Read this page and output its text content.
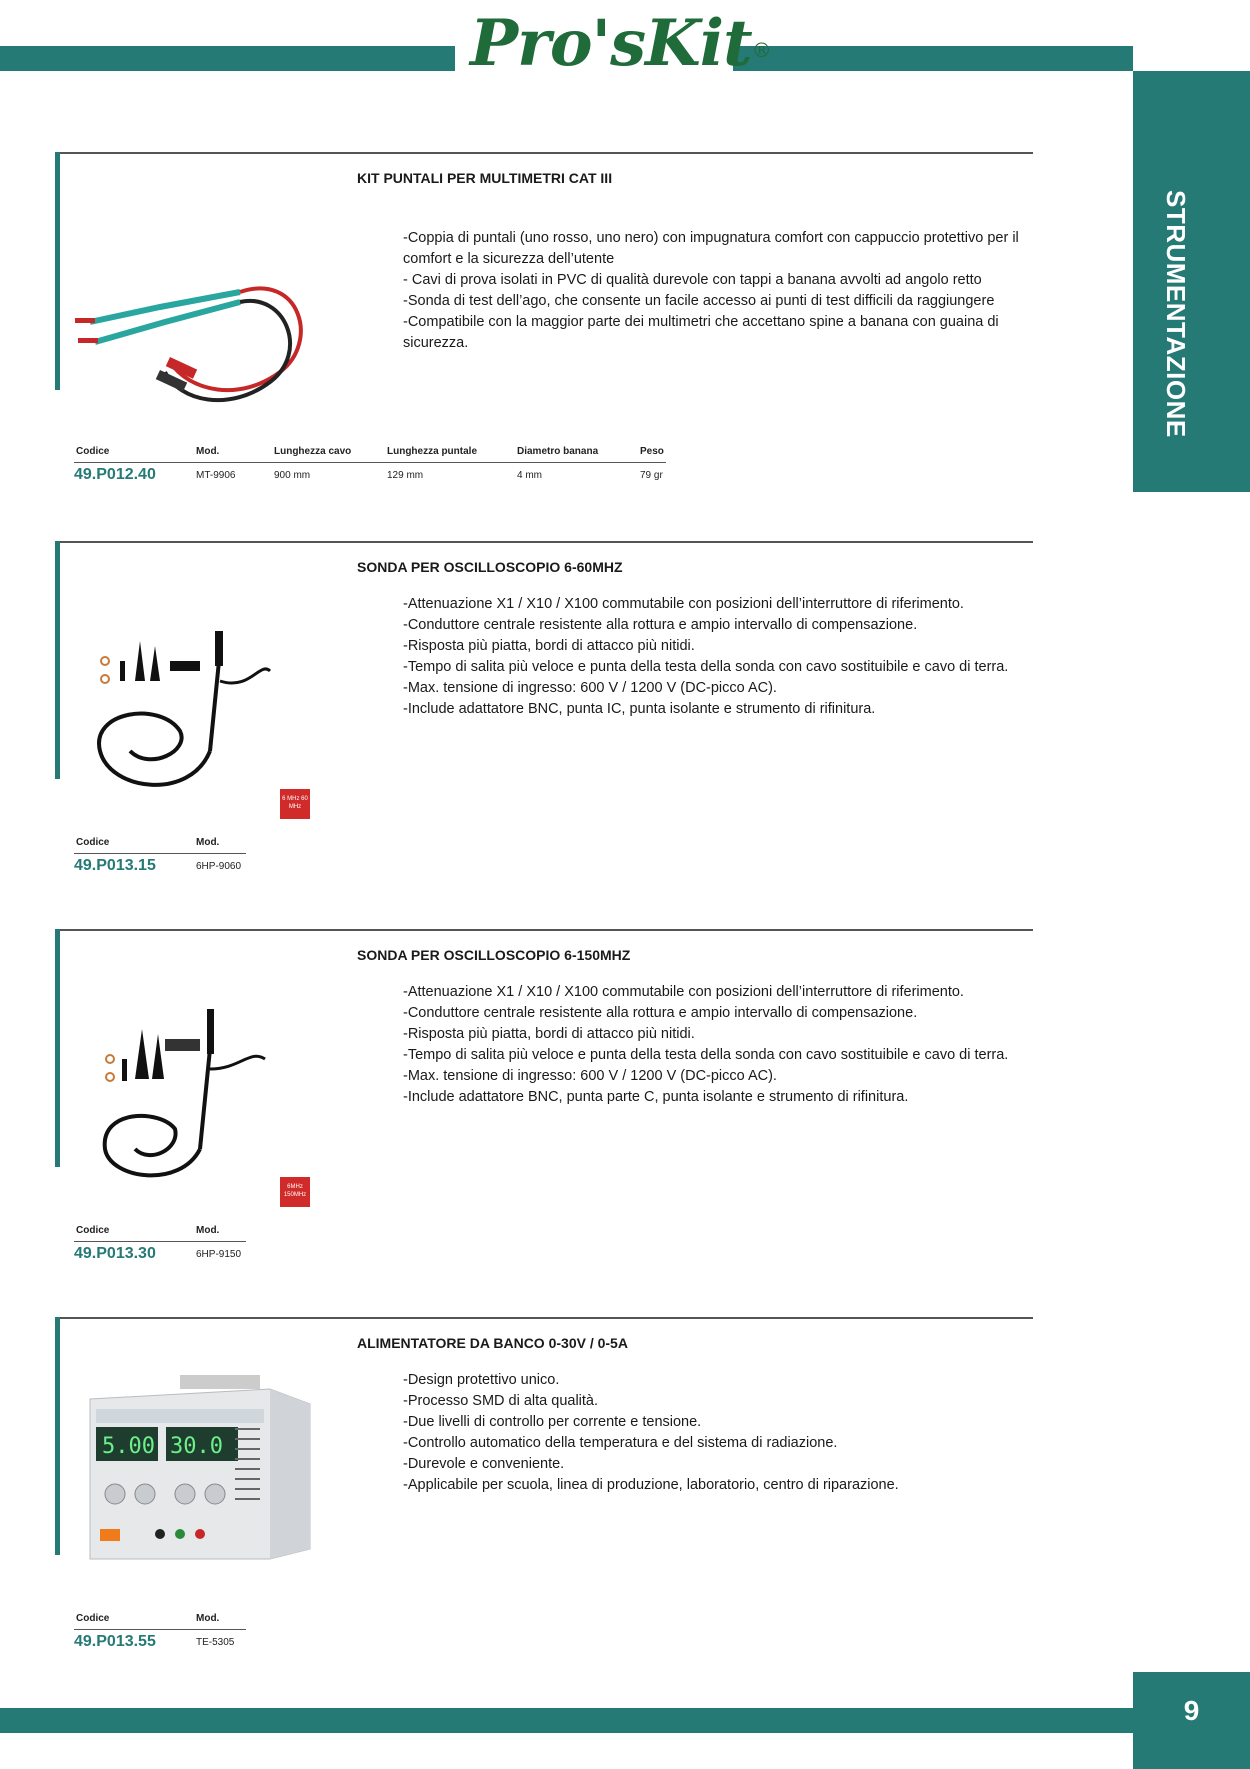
Pro'sKit®
STRUMENTAZIONE
KIT PUNTALI PER MULTIMETRI CAT III
-Coppia di puntali (uno rosso, uno nero) con impugnatura comfort con cappuccio protettivo per il comfort e la sicurezza dell’utente
- Cavi di prova isolati in PVC di qualità durevole con tappi a banana avvolti ad angolo retto
-Sonda di test dell’ago, che consente un facile accesso ai punti di test difficili da raggiungere
-Compatibile con la maggior parte dei multimetri che accettano spine a banana con guaina di sicurezza.
Codice	Mod.	Lunghezza cavo	Lunghezza puntale	Diametro banana	Peso
49.P012.40	MT-9906	900 mm	129 mm	4 mm	79 gr
SONDA PER OSCILLOSCOPIO 6-60MHZ
6 MHz 60 MHz
-Attenuazione X1 / X10 / X100 commutabile con posizioni dell’interruttore di riferimento.
-Conduttore centrale resistente alla rottura e ampio intervallo di compensazione.
-Risposta più piatta, bordi di attacco più nitidi.
-Tempo di salita più veloce e punta della testa della sonda con cavo sostituibile e cavo di terra.
-Max. tensione di ingresso: 600 V / 1200 V (DC-picco AC).
-Include adattatore BNC, punta IC, punta isolante e strumento di rifinitura.
Codice	Mod.
49.P013.15	6HP-9060
SONDA PER OSCILLOSCOPIO 6-150MHZ
6MHz 150MHz
-Attenuazione X1 / X10 / X100 commutabile con posizioni dell’interruttore di riferimento.
-Conduttore centrale resistente alla rottura e ampio intervallo di compensazione.
-Risposta più piatta, bordi di attacco più nitidi.
-Tempo di salita più veloce e punta della testa della sonda con cavo sostituibile e cavo di terra.
-Max. tensione di ingresso: 600 V / 1200 V (DC-picco AC).
-Include adattatore BNC, punta parte C, punta isolante e strumento di rifinitura.
Codice	Mod.
49.P013.30	6HP-9150
ALIMENTATORE DA BANCO 0-30V / 0-5A
5.00 30.0
-Design protettivo unico.
-Processo SMD di alta qualità.
-Due livelli di controllo per corrente e tensione.
-Controllo automatico della temperatura e del sistema di radiazione.
-Durevole e conveniente.
-Applicabile per scuola, linea di produzione, laboratorio, centro di riparazione.
Codice	Mod.
49.P013.55	TE-5305
9
